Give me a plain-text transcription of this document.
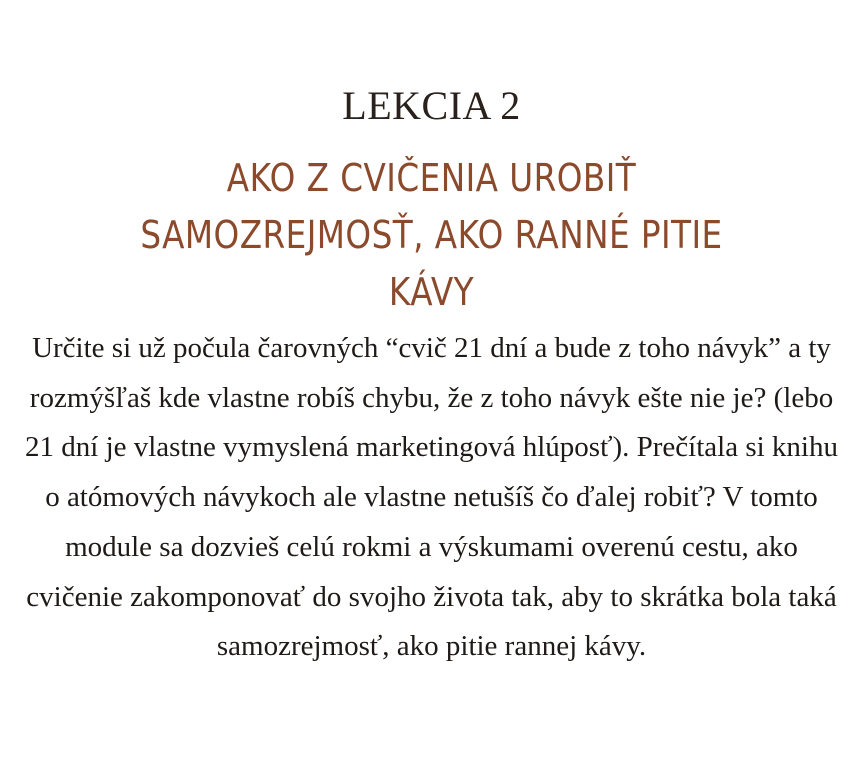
LEKCIA 2
AKO Z CVIČENIA UROBIŤ SAMOZREJMOSŤ, AKO RANNÉ PITIE KÁVY

Určite si už počula čarovných “cvič 21 dní a bude z toho návyk” a ty rozmýšľaš kde vlastne robíš chybu, že z toho návyk ešte nie je? (lebo 21 dní je vlastne vymyslená marketingová hlúposť). Prečítala si knihu o atómových návykoch ale vlastne netušíš čo ďalej robiť? V tomto module sa dozvieš celú rokmi a výskumami overenú cestu, ako cvičenie zakomponovať do svojho života tak, aby to skrátka bola taká samozrejmosť, ako pitie rannej kávy.
